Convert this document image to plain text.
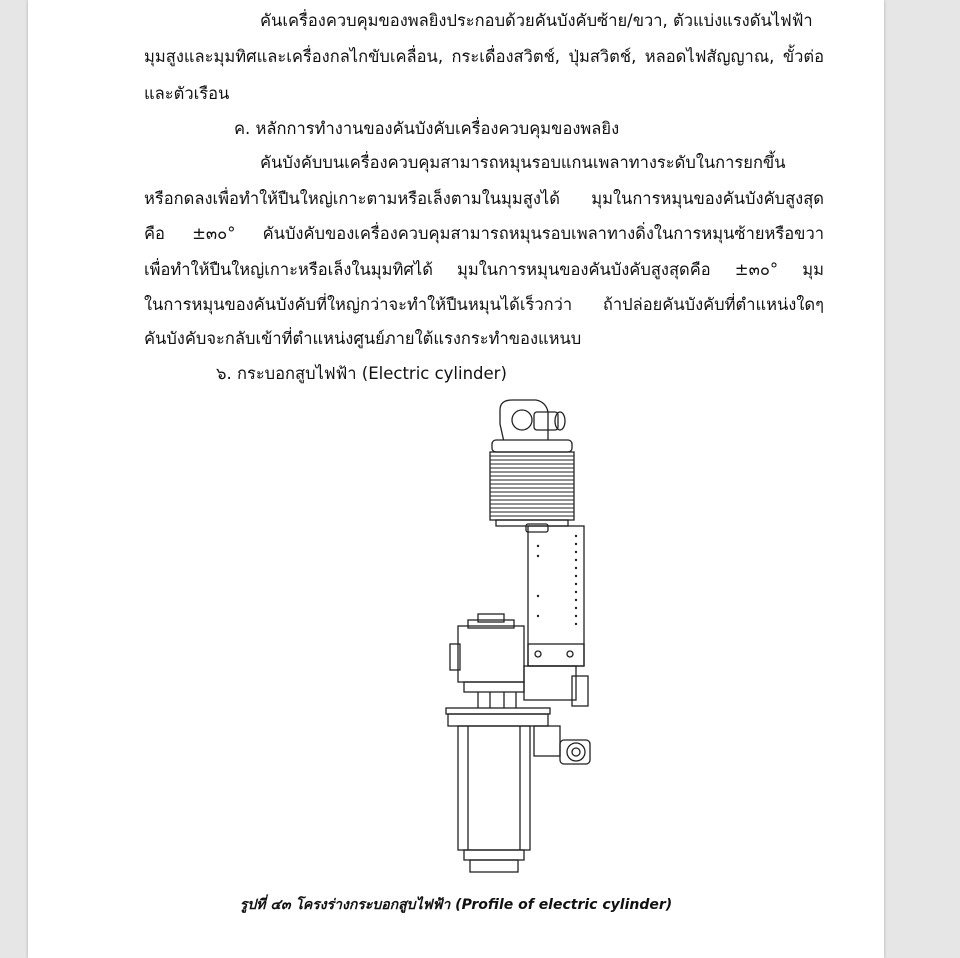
คันเครื่องควบคุมของพลยิงประกอบด้วยคันบังคับซ้าย/ขวา, ตัวแบ่งแรงดันไฟฟ้า
มุมสูงและมุมทิศและเครื่องกลไกขับเคลื่อน, กระเดื่องสวิตช์, ปุ่มสวิตช์, หลอดไฟสัญญาณ, ขั้วต่อ
และตัวเรือน
ค. หลักการทำงานของคันบังคับเครื่องควบคุมของพลยิง
คันบังคับบนเครื่องควบคุมสามารถหมุนรอบแกนเพลาทางระดับในการยกขึ้น
หรือกดลงเพื่อทำให้ปืนใหญ่เกาะตามหรือเล็งตามในมุมสูงได้ มุมในการหมุนของคันบังคับสูงสุด
คือ ±๓๐° คันบังคับของเครื่องควบคุมสามารถหมุนรอบเพลาทางดิ่งในการหมุนซ้ายหรือขวา
เพื่อทำให้ปืนใหญ่เกาะหรือเล็งในมุมทิศได้ มุมในการหมุนของคันบังคับสูงสุดคือ ±๓๐° มุม
ในการหมุนของคันบังคับที่ใหญ่กว่าจะทำให้ปืนหมุนได้เร็วกว่า ถ้าปล่อยคันบังคับที่ตำแหน่งใดๆ
คันบังคับจะกลับเข้าที่ตำแหน่งศูนย์ภายใต้แรงกระทำของแหนบ
๖. กระบอกสูบไฟฟ้า (Electric cylinder)
รูปที่ ๔๓ โครงร่างกระบอกสูบไฟฟ้า (Profile of electric cylinder)
